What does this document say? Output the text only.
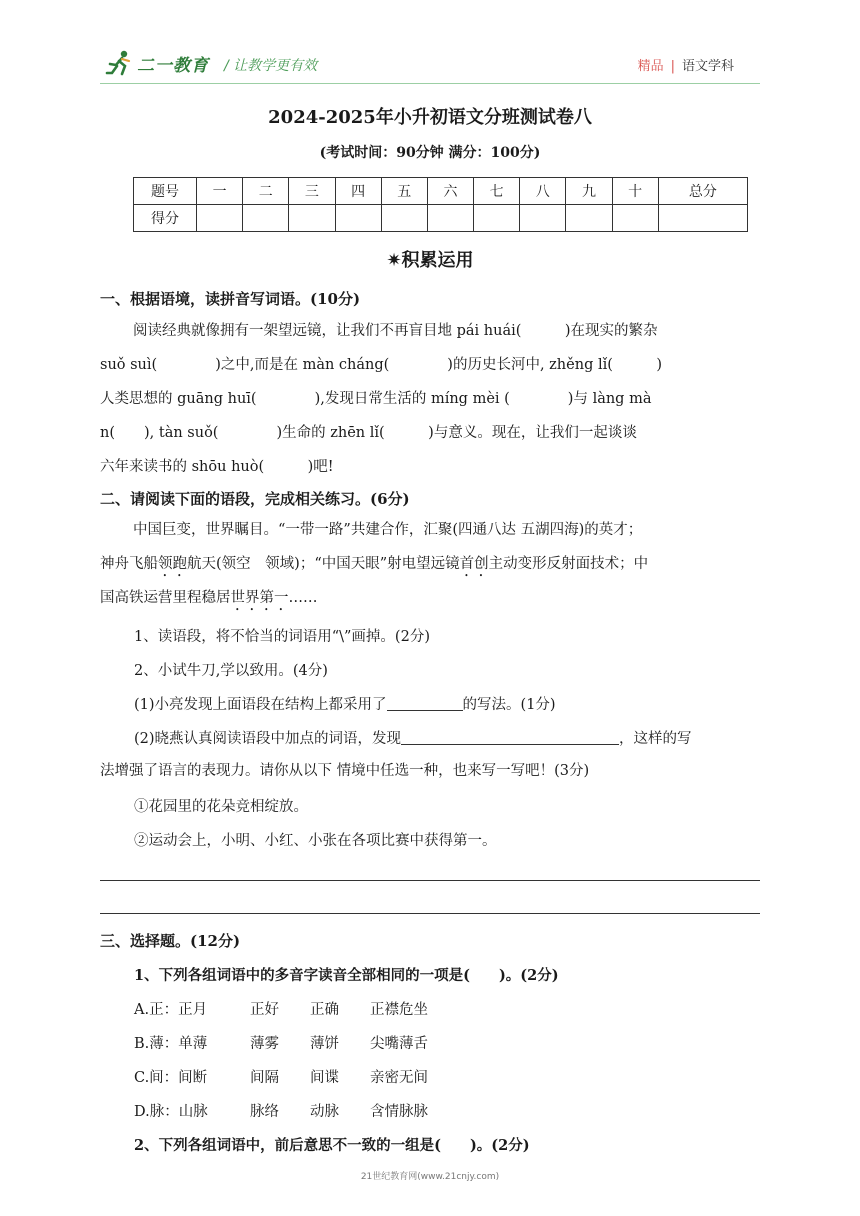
二一教育 / 让教学更有效	精品 | 语文学科
2024-2025年小升初语文分班测试卷八
(考试时间：90分钟 满分：100分)
题号	一	二	三	四	五	六	七	八	九	十	总分
得分											
✷积累运用
一、根据语境，读拼音写词语。(10分)

阅读经典就像拥有一架望远镜，让我们不再盲目地 pái huái(　　　)在现实的繁杂

suǒ suì(　　　　)之中,而是在 màn cháng(　　　　)的历史长河中, zhěng lǐ(　　　)

人类思想的 guāng huī(　　　　),发现日常生活的 míng mèi (　　　　)与 làng mà

n(　　), tàn suǒ(　　　　)生命的 zhēn lǐ(　　　)与意义。现在，让我们一起谈谈

六年来读书的 shōu huò(　　　)吧!

二、请阅读下面的语段，完成相关练习。(6分)

中国巨变，世界瞩目。“一带一路”共建合作，汇聚(四通八达 五湖四海)的英才；

神舟飞船领跑航天(领空　领域)；“中国天眼”射电望远镜首创主动变形反射面技术；中

国高铁运营里程稳居世界第一……

1、读语段，将不恰当的词语用“\”画掉。(2分)
2、小试牛刀,学以致用。(4分)
(1)小亮发现上面语段在结构上都采用了	的写法。(1分)
(2)晓燕认真阅读语段中加点的词语，发现	，这样的写

法增强了语言的表现力。请你从以下 情境中任选一种，也来写一写吧！(3分)

①花园里的花朵竞相绽放。
②运动会上，小明、小红、小张在各项比赛中获得第一。
三、选择题。(12分)
1、下列各组词语中的多音字读音全部相同的一项是(　　)。(2分)
A.正：正月	正好 正确 正襟危坐
B.薄：单薄	薄雾 薄饼 尖嘴薄舌
C.间：间断	间隔 间谍 亲密无间
D.脉：山脉	脉络 动脉 含情脉脉
2、下列各组词语中，前后意思不一致的一组是(　　)。(2分)
21世纪教育网(www.21cnjy.com)
